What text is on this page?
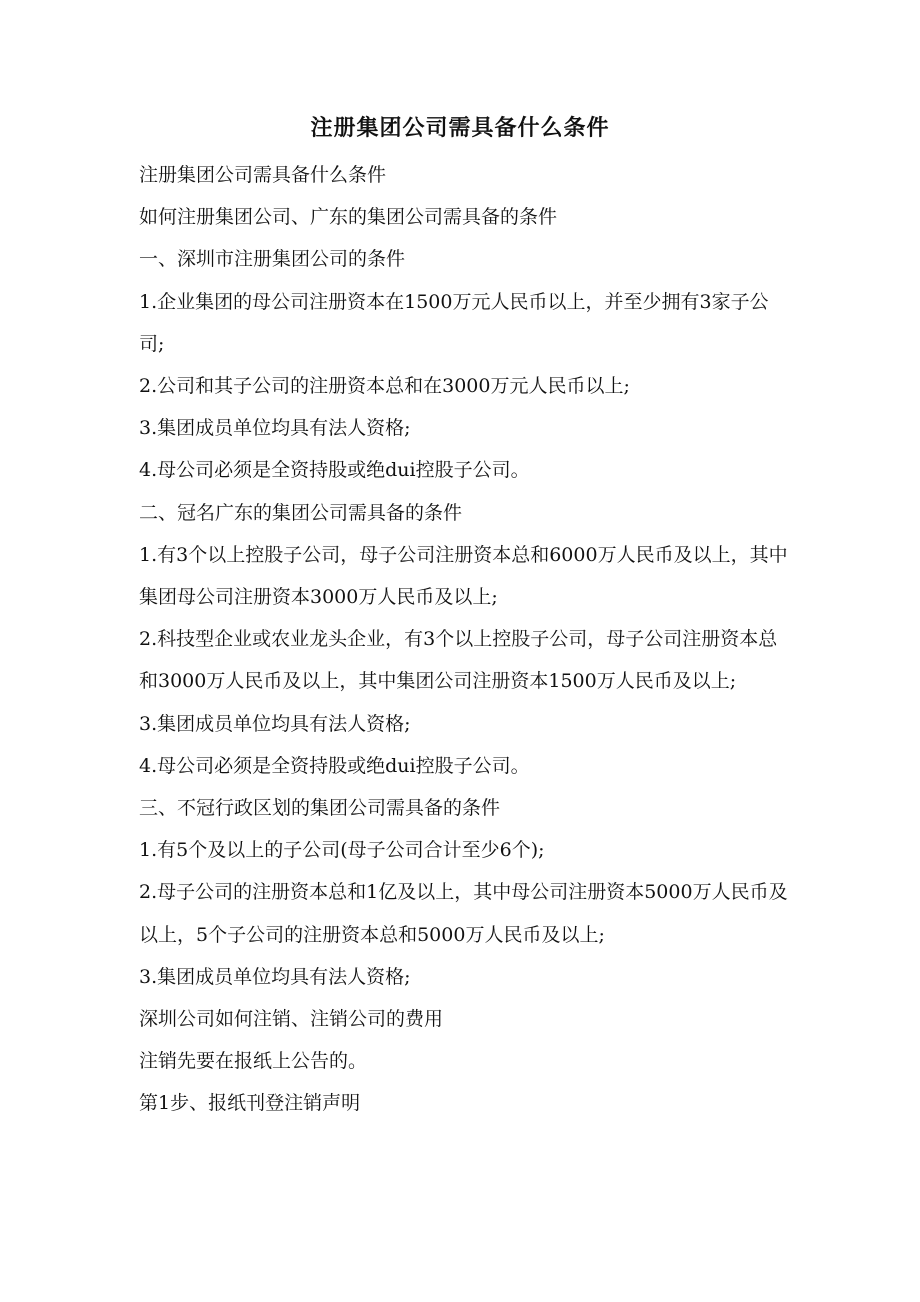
注册集团公司需具备什么条件

注册集团公司需具备什么条件

如何注册集团公司、广东的集团公司需具备的条件

一、深圳市注册集团公司的条件

1.企业集团的母公司注册资本在1500万元人民币以上，并至少拥有3家子公司;

2.公司和其子公司的注册资本总和在3000万元人民币以上;

3.集团成员单位均具有法人资格;

4.母公司必须是全资持股或绝dui控股子公司。

二、冠名广东的集团公司需具备的条件

1.有3个以上控股子公司，母子公司注册资本总和6000万人民币及以上，其中集团母公司注册资本3000万人民币及以上;

2.科技型企业或农业龙头企业，有3个以上控股子公司，母子公司注册资本总和3000万人民币及以上，其中集团公司注册资本1500万人民币及以上;

3.集团成员单位均具有法人资格;

4.母公司必须是全资持股或绝dui控股子公司。

三、不冠行政区划的集团公司需具备的条件

1.有5个及以上的子公司(母子公司合计至少6个);

2.母子公司的注册资本总和1亿及以上，其中母公司注册资本5000万人民币及以上，5个子公司的注册资本总和5000万人民币及以上;

3.集团成员单位均具有法人资格;

深圳公司如何注销、注销公司的费用

注销先要在报纸上公告的。

第1步、报纸刊登注销声明
